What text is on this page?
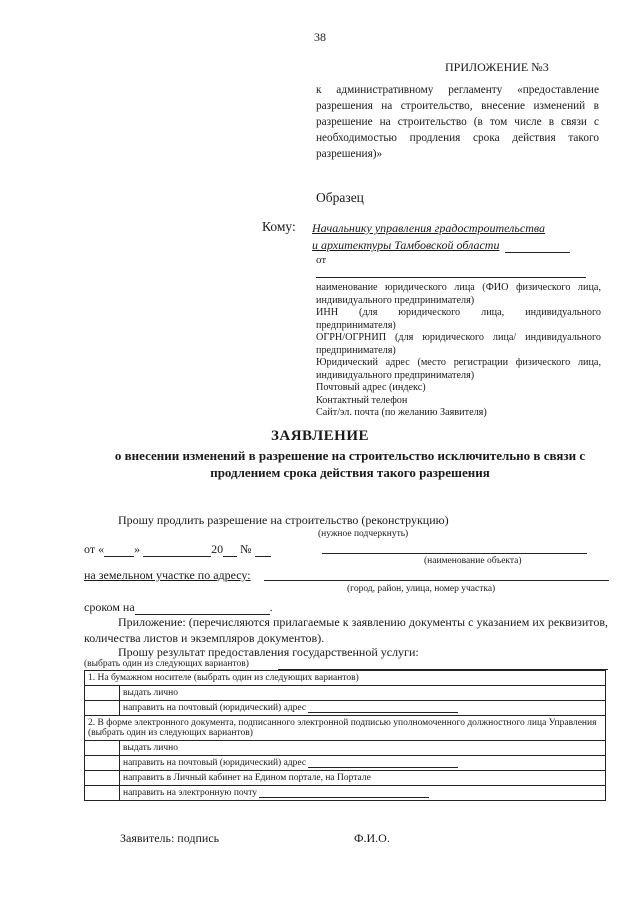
38
ПРИЛОЖЕНИЕ №3
к административному регламенту «предоставление разрешения на строительство, внесение изменений в разрешение на строительство (в том числе в связи с необходимостью продления срока действия такого разрешения)»
Образец
Кому: Начальнику управления градостроительства
и архитектуры Тамбовской области
от
наименование юридического лица (ФИО физического лица, индивидуального предпринимателя)
ИНН (для юридического лица, индивидуального предпринимателя)
ОГРН/ОГРНИП (для юридического лица/ индивидуального предпринимателя)
Юридический адрес (место регистрации физического лица, индивидуального предпринимателя)
Почтовый адрес (индекс)
Контактный телефон
Сайт/эл. почта (по желанию Заявителя)
ЗАЯВЛЕНИЕ
о внесении изменений в разрешение на строительство исключительно в связи с продлением срока действия такого разрешения
Прошу продлить разрешение на строительство (реконструкцию)
(нужное подчеркнуть)
от «	»	20 №
(наименование объекта)
на земельном участке по адресу:
(город, район, улица, номер участка)
сроком на	.
Приложение: (перечисляются прилагаемые к заявлению документы с указанием их реквизитов, количества листов и экземпляров документов).
Прошу результат предоставления государственной услуги:
(выбрать один из следующих вариантов)
1. На бумажном носителе (выбрать один из следующих вариантов)	
	выдать лично
	направить на почтовый (юридический) адрес
2. В форме электронного документа, подписанного электронной подписью уполномоченного должностного лица Управления (выбрать один из следующих вариантов)	
	выдать лично
	направить на почтовый (юридический) адрес
	направить в Личный кабинет на Едином портале, на Портале
	направить на электронную почту
Заявитель: подпись	Ф.И.О.
